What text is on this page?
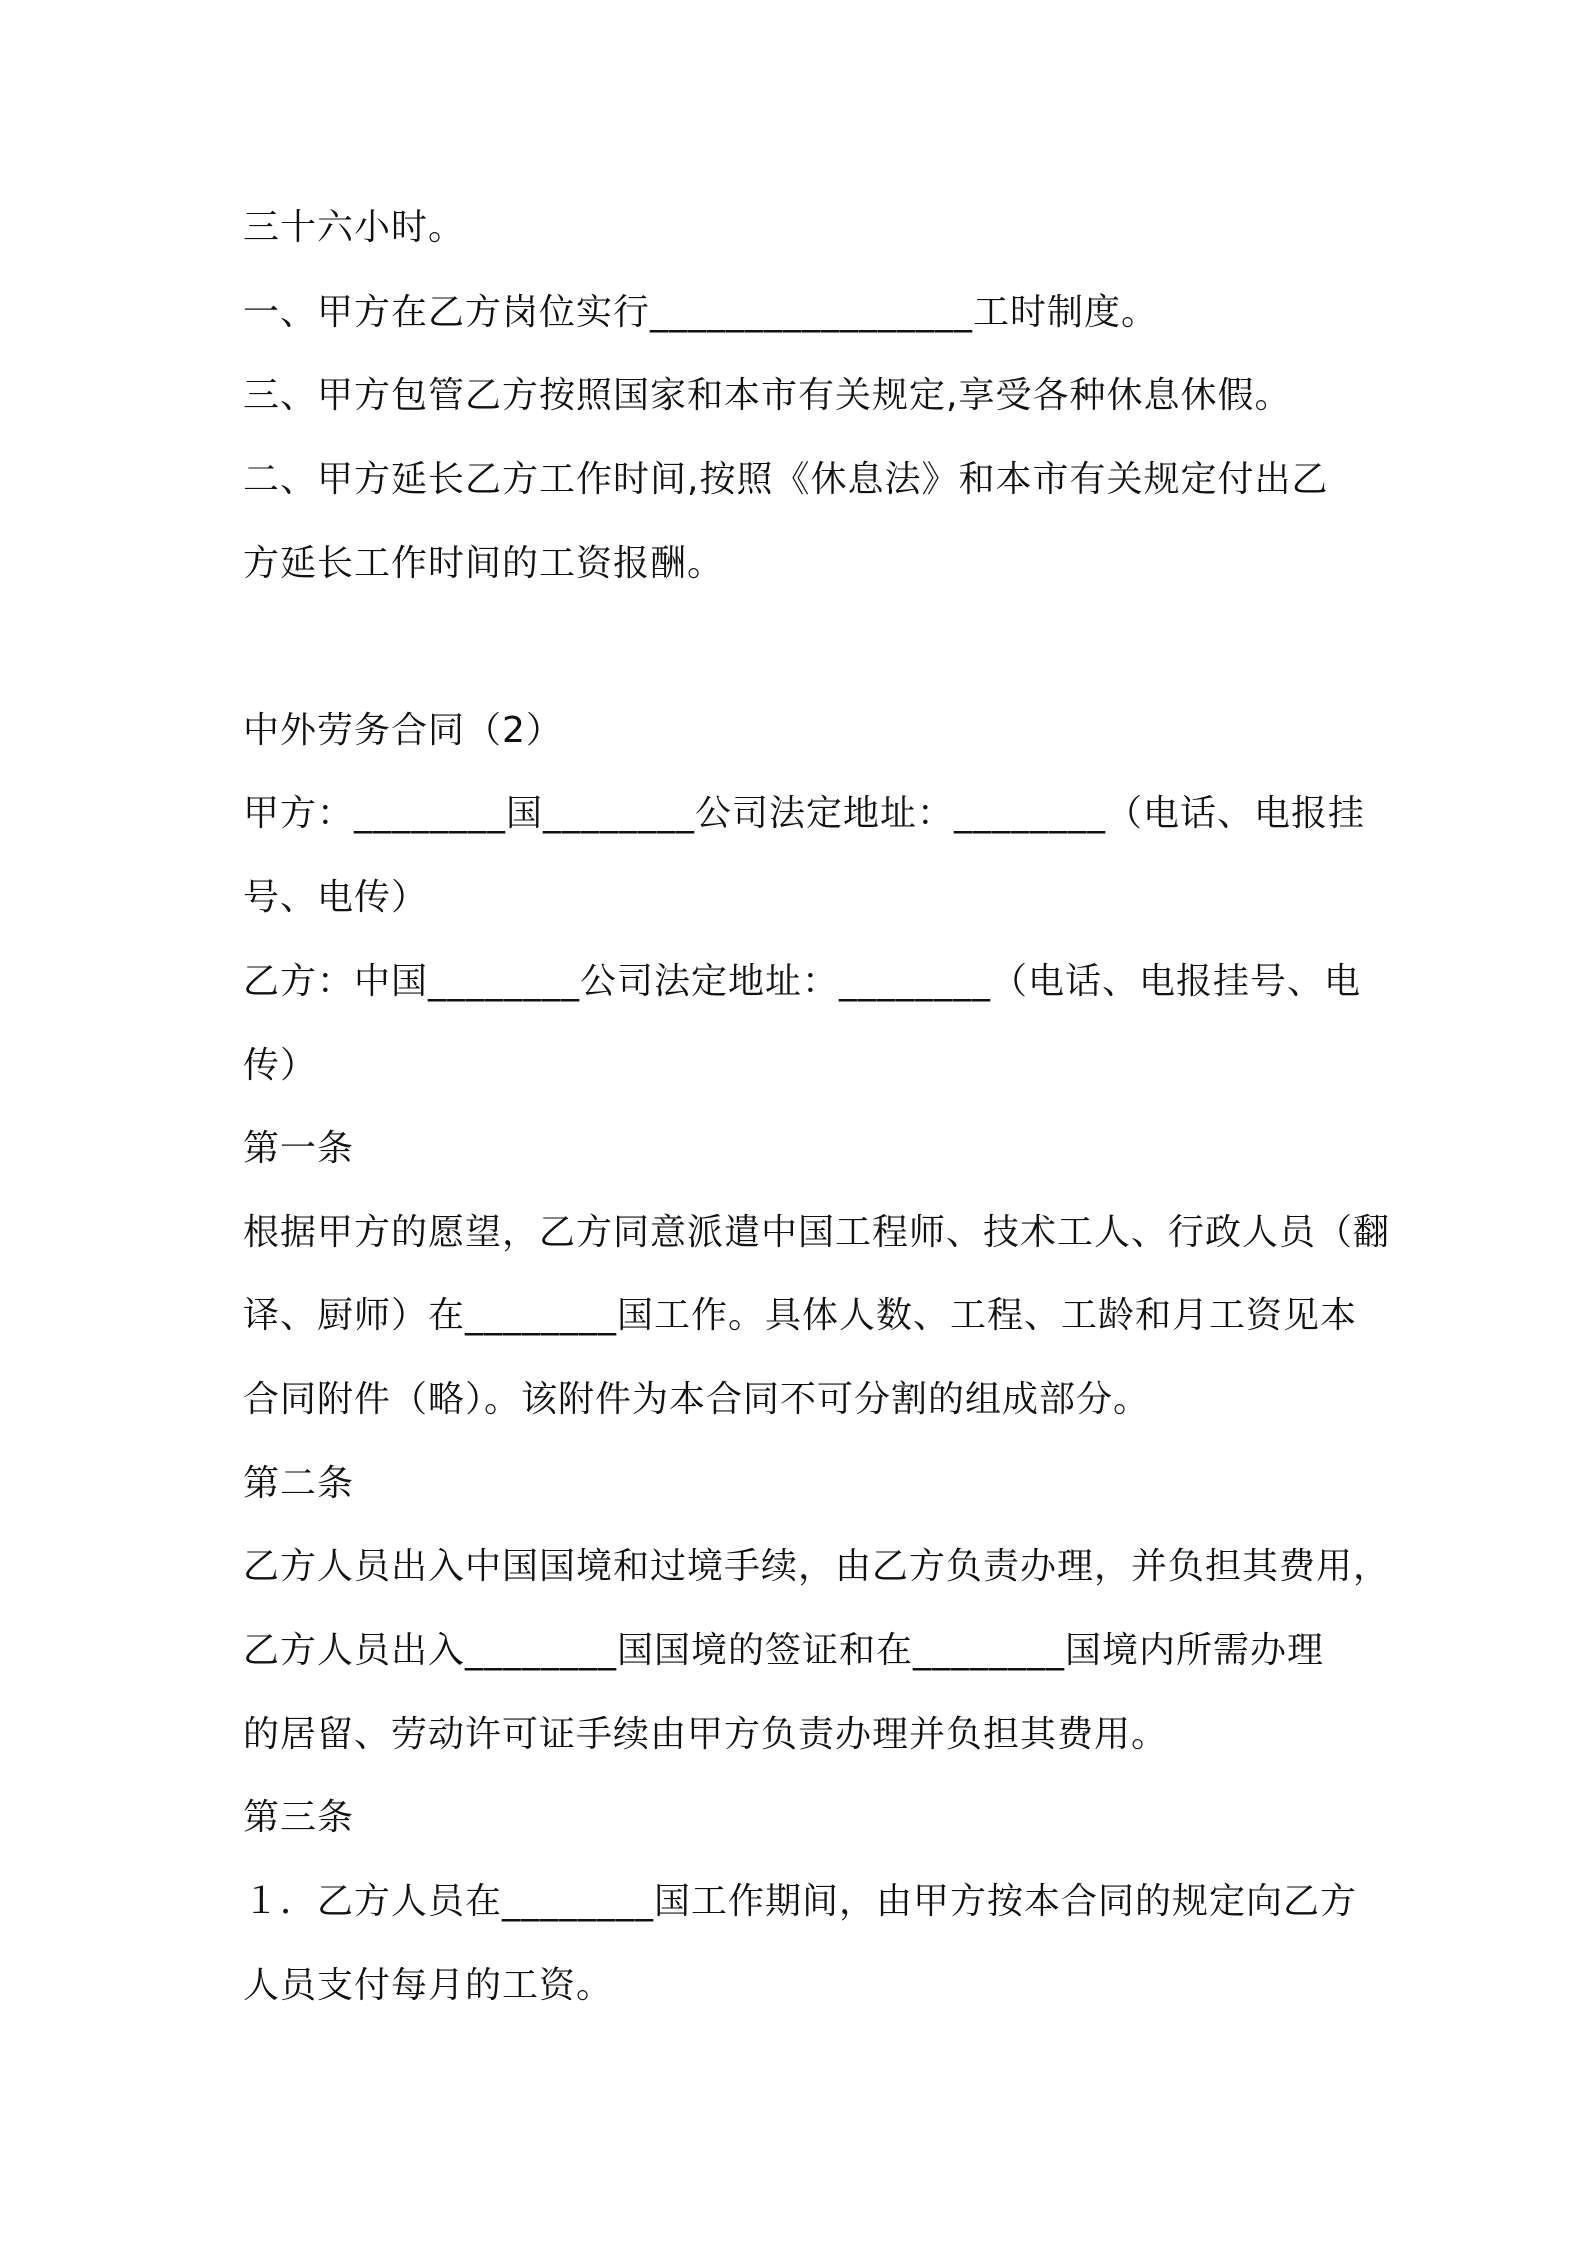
三十六小时。
一、甲方在乙方岗位实行_________________工时制度。
三、甲方包管乙方按照国家和本市有关规定,享受各种休息休假。
二、甲方延长乙方工作时间,按照《休息法》和本市有关规定付出乙
方延长工作时间的工资报酬。
中外劳务合同（2）
甲方：________国________公司法定地址：________（电话、电报挂
号、电传）
乙方：中国________公司法定地址：________（电话、电报挂号、电
传）
第一条
根据甲方的愿望，乙方同意派遣中国工程师、技术工人、行政人员（翻
译、厨师）在________国工作。具体人数、工程、工龄和月工资见本
合同附件（略）。该附件为本合同不可分割的组成部分。
第二条
乙方人员出入中国国境和过境手续，由乙方负责办理，并负担其费用，
乙方人员出入________国国境的签证和在________国境内所需办理
的居留、劳动许可证手续由甲方负责办理并负担其费用。
第三条
１．乙方人员在________国工作期间，由甲方按本合同的规定向乙方
人员支付每月的工资。
